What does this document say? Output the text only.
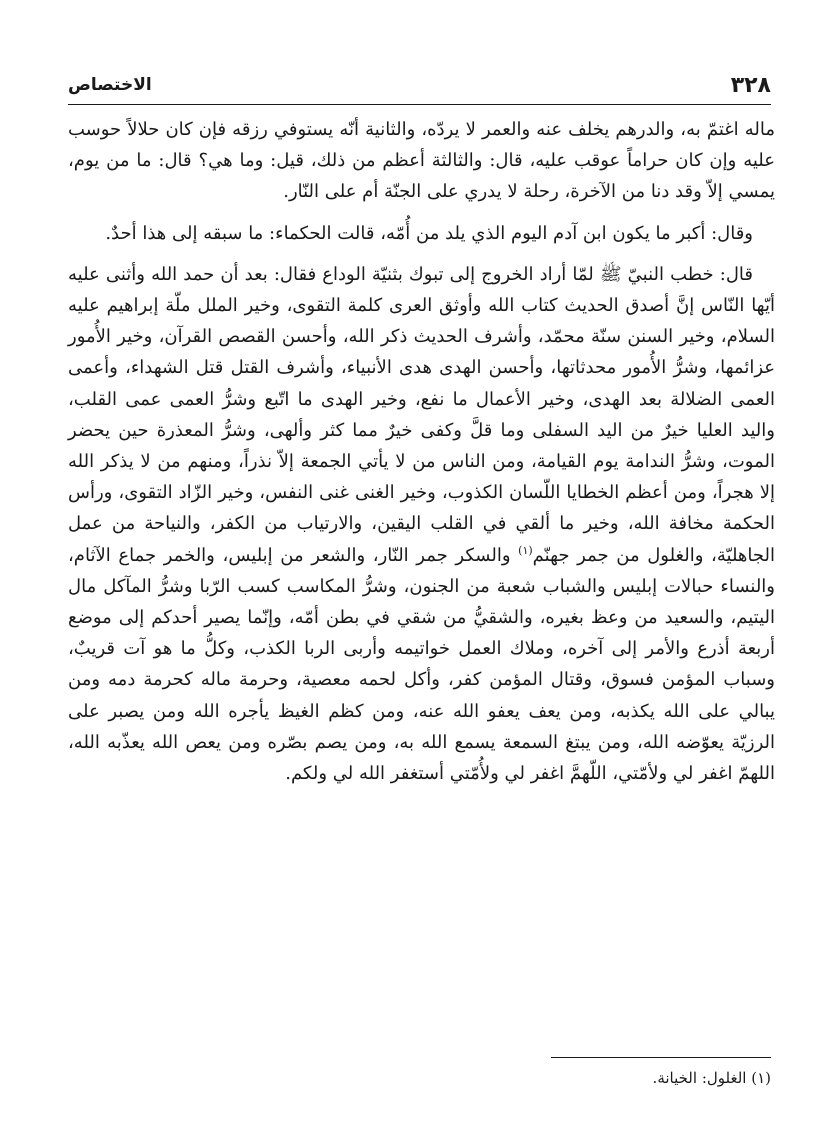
٣٢٨
الاختصاص

ماله اغتمّ به، والدرهم يخلف عنه والعمر لا يردّه، والثانية أنّه يستوفي رزقه فإن كان حلالاً حوسب عليه وإن كان حراماً عوقب عليه، قال: والثالثة أعظم من ذلك، قيل: وما هي؟ قال: ما من يوم، يمسي إلاّ وقد دنا من الآخرة، رحلة لا يدري على الجنّة أم على النّار.

وقال: أكبر ما يكون ابن آدم اليوم الذي يلد من أُمّه، قالت الحكماء: ما سبقه إلى هذا أحدٌ.

قال: خطب النبيّ ﷺ لمّا أراد الخروج إلى تبوك بثنيّة الوداع فقال: بعد أن حمد الله وأثنى عليه أيّها النّاس إنَّ أصدق الحديث كتاب الله وأوثق العرى كلمة التقوى، وخير الملل ملّة إبراهيم عليه السلام، وخير السنن سنّة محمّد، وأشرف الحديث ذكر الله، وأحسن القصص القرآن، وخير الأُمور عزائمها، وشرُّ الأُمور محدثاتها، وأحسن الهدى هدى الأنبياء، وأشرف القتل قتل الشهداء، وأعمى العمى الضلالة بعد الهدى، وخير الأعمال ما نفع، وخير الهدى ما اتّبع وشرُّ العمى عمى القلب، واليد العليا خيرٌ من اليد السفلى وما قلَّ وكفى خيرٌ مما كثر وألهى، وشرُّ المعذرة حين يحضر الموت، وشرُّ الندامة يوم القيامة، ومن الناس من لا يأتي الجمعة إلاّ نذراً، ومنهم من لا يذكر الله إلا هجراً، ومن أعظم الخطايا اللّسان الكذوب، وخير الغنى غنى النفس، وخير الزّاد التقوى، ورأس الحكمة مخافة الله، وخير ما ألقي في القلب اليقين، والارتياب من الكفر، والنياحة من عمل الجاهليّة، والغلول من جمر جهنّم$^{(١)}$ والسكر جمر النّار، والشعر من إبليس، والخمر جماع الآثام، والنساء حبالات إبليس والشباب شعبة من الجنون، وشرُّ المكاسب كسب الرّبا وشرُّ المآكل مال اليتيم، والسعيد من وعظ بغيره، والشقيُّ من شقي في بطن أمّه، وإنّما يصير أحدكم إلى موضع أربعة أذرع والأمر إلى آخره، وملاك العمل خواتيمه وأربى الربا الكذب، وكلُّ ما هو آت قريبٌ، وسباب المؤمن فسوق، وقتال المؤمن كفر، وأكل لحمه معصية، وحرمة ماله كحرمة دمه ومن يبالي على الله يكذبه، ومن يعف يعفو الله عنه، ومن كظم الغيظ يأجره الله ومن يصبر على الرزيّة يعوّضه الله، ومن يبتغ السمعة يسمع الله به، ومن يصم بصّره ومن يعص الله يعذّبه الله، اللهمّ اغفر لي ولأمّتي، اللّهمَّ اغفر لي ولأُمّتي أستغفر الله لي ولكم.

(١) الغلول: الخيانة.
